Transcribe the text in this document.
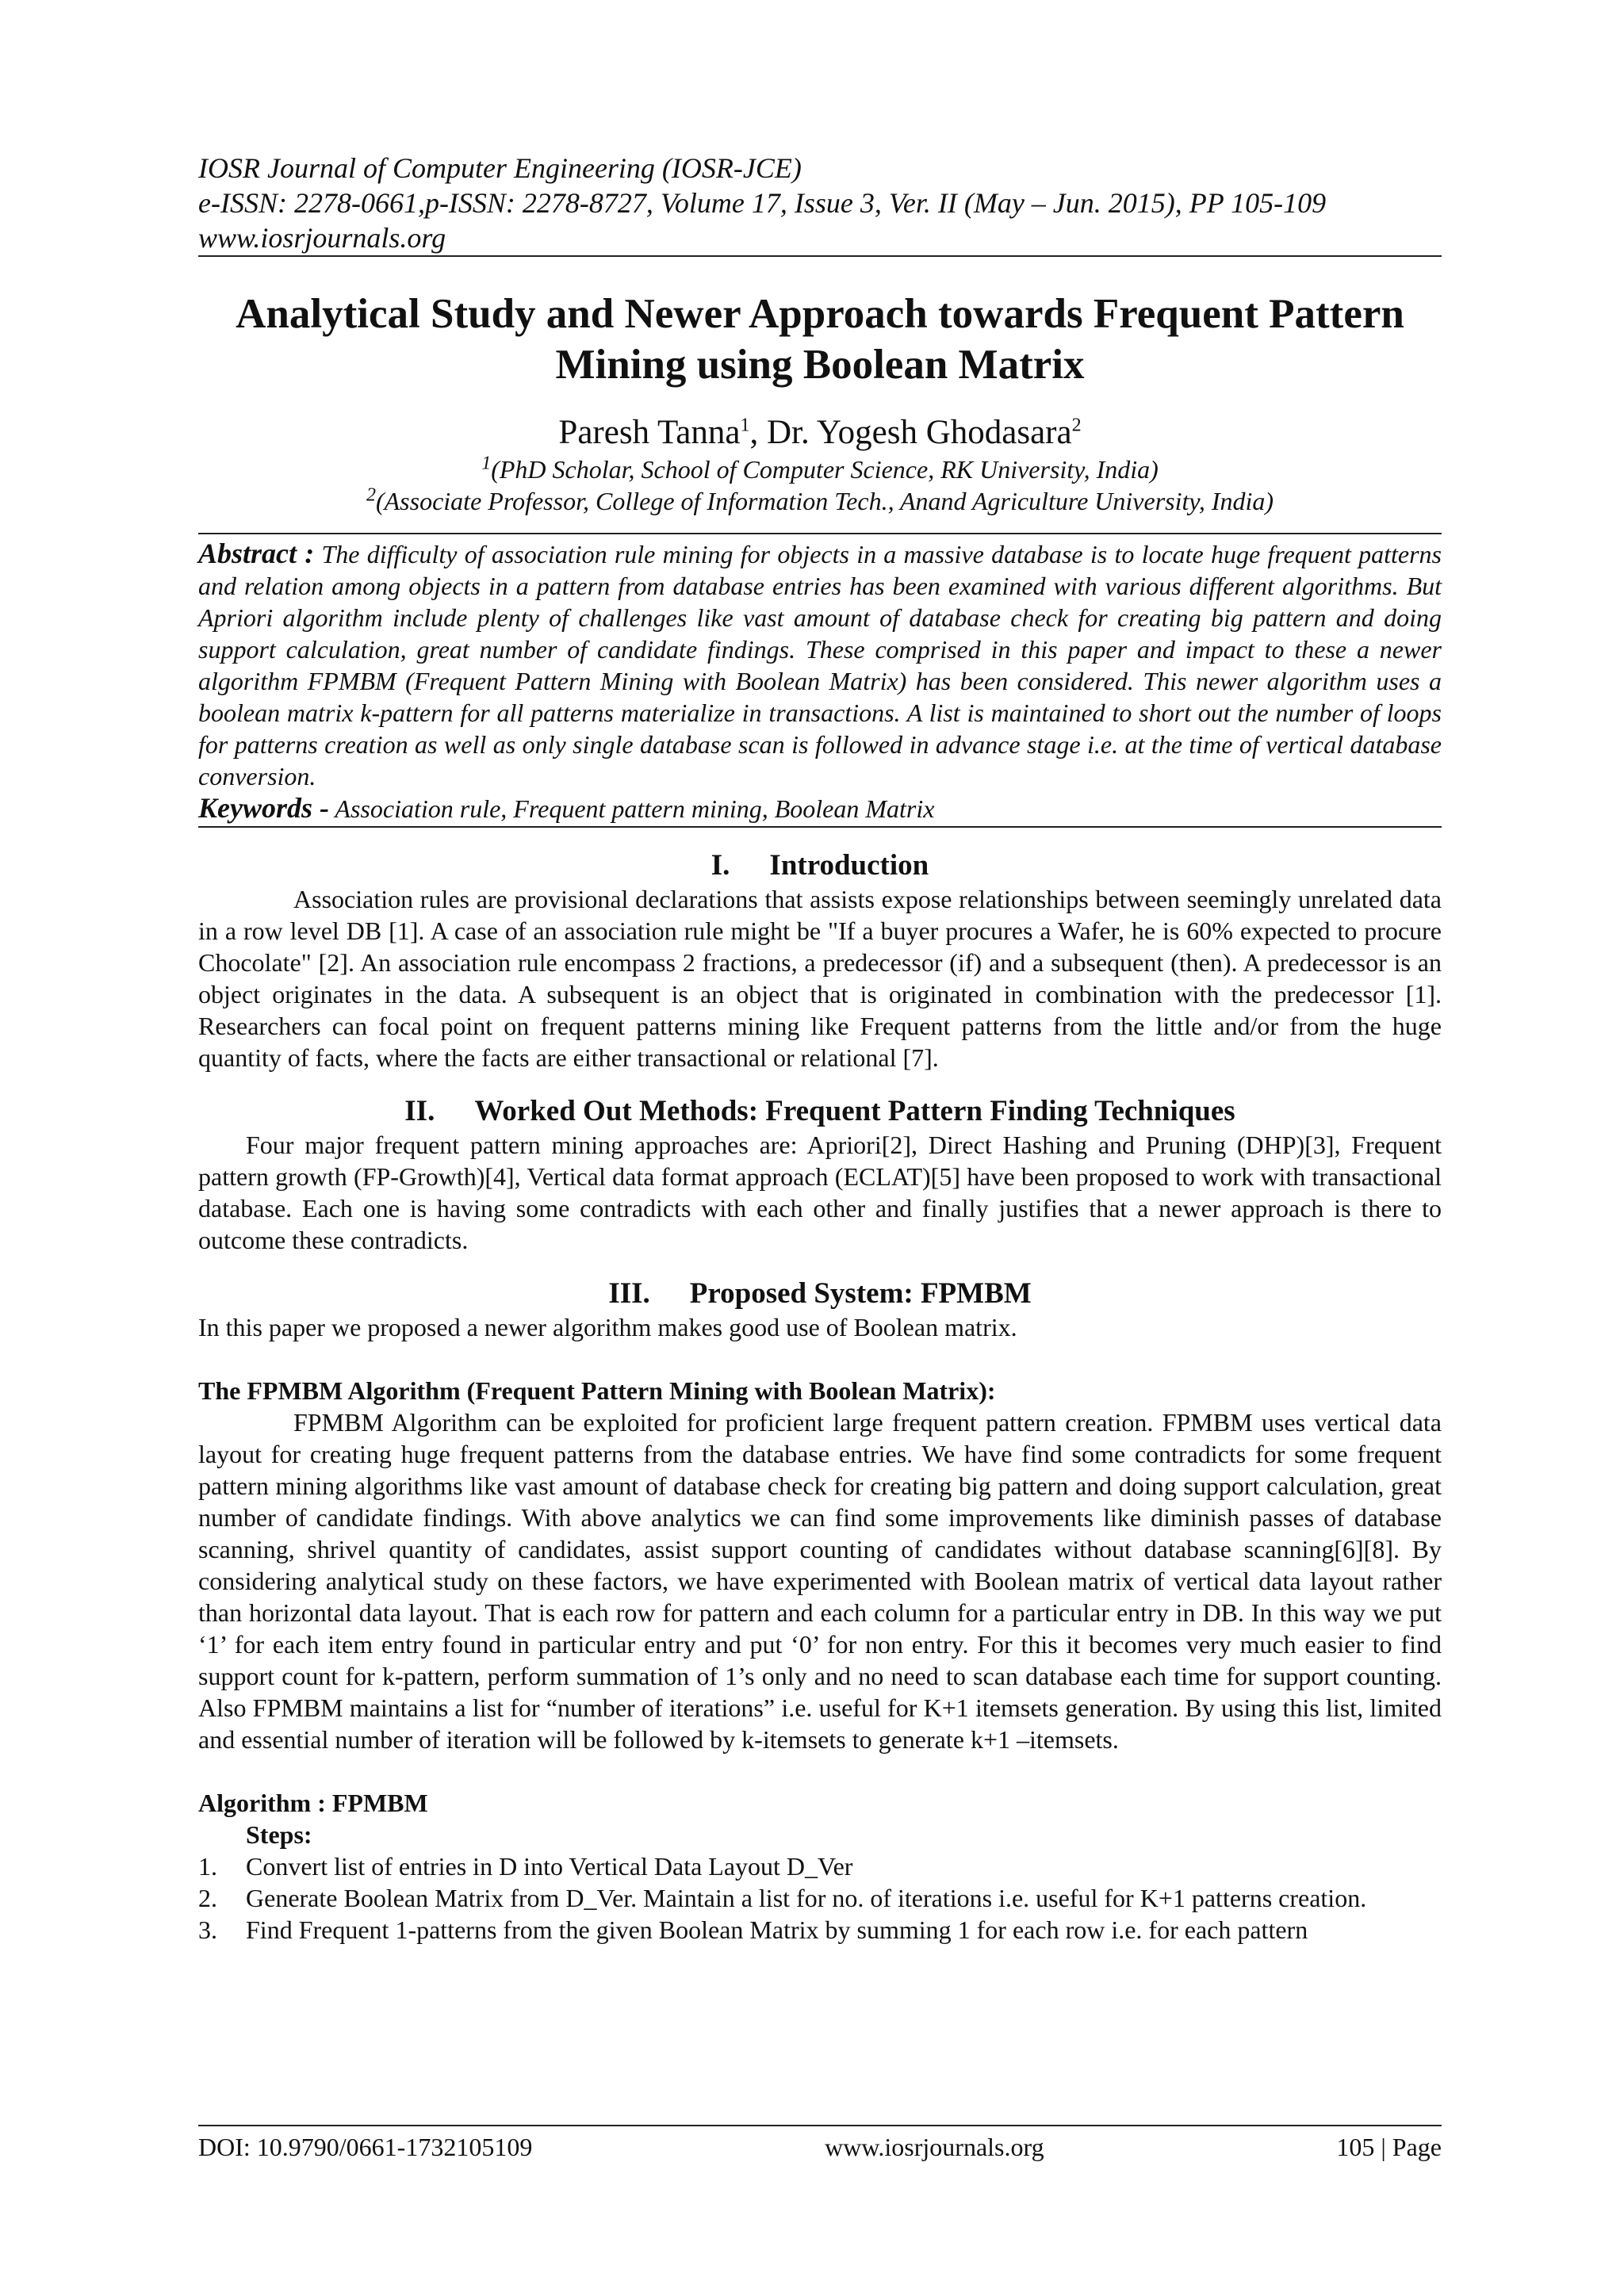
IOSR Journal of Computer Engineering (IOSR-JCE)
e-ISSN: 2278-0661,p-ISSN: 2278-8727, Volume 17, Issue 3, Ver. II (May – Jun. 2015), PP 105-109
www.iosrjournals.org
Analytical Study and Newer Approach towards Frequent Pattern
Mining using Boolean Matrix
Paresh Tanna$^1$, Dr. Yogesh Ghodasara$^2$
$^1$(PhD Scholar, School of Computer Science, RK University, India)
$^2$(Associate Professor, College of Information Tech., Anand Agriculture University, India)
Abstract : The difficulty of association rule mining for objects in a massive database is to locate huge frequent patterns and relation among objects in a pattern from database entries has been examined with various different algorithms. But Apriori algorithm include plenty of challenges like vast amount of database check for creating big pattern and doing support calculation, great number of candidate findings. These comprised in this paper and impact to these a newer algorithm FPMBM (Frequent Pattern Mining with Boolean Matrix) has been considered. This newer algorithm uses a boolean matrix k-pattern for all patterns materialize in transactions. A list is maintained to short out the number of loops for patterns creation as well as only single database scan is followed in advance stage i.e. at the time of vertical database conversion.
Keywords - Association rule, Frequent pattern mining, Boolean Matrix
I. Introduction

Association rules are provisional declarations that assists expose relationships between seemingly unrelated data in a row level DB [1]. A case of an association rule might be "If a buyer procures a Wafer, he is 60% expected to procure Chocolate" [2]. An association rule encompass 2 fractions, a predecessor (if) and a subsequent (then). A predecessor is an object originates in the data. A subsequent is an object that is originated in combination with the predecessor [1]. Researchers can focal point on frequent patterns mining like Frequent patterns from the little and/or from the huge quantity of facts, where the facts are either transactional or relational [7].

II. Worked Out Methods: Frequent Pattern Finding Techniques

Four major frequent pattern mining approaches are: Apriori[2], Direct Hashing and Pruning (DHP)[3], Frequent pattern growth (FP-Growth)[4], Vertical data format approach (ECLAT)[5] have been proposed to work with transactional database. Each one is having some contradicts with each other and finally justifies that a newer approach is there to outcome these contradicts.

III. Proposed System: FPMBM

In this paper we proposed a newer algorithm makes good use of Boolean matrix.

The FPMBM Algorithm (Frequent Pattern Mining with Boolean Matrix):

FPMBM Algorithm can be exploited for proficient large frequent pattern creation. FPMBM uses vertical data layout for creating huge frequent patterns from the database entries. We have find some contradicts for some frequent pattern mining algorithms like vast amount of database check for creating big pattern and doing support calculation, great number of candidate findings. With above analytics we can find some improvements like diminish passes of database scanning, shrivel quantity of candidates, assist support counting of candidates without database scanning[6][8]. By considering analytical study on these factors, we have experimented with Boolean matrix of vertical data layout rather than horizontal data layout. That is each row for pattern and each column for a particular entry in DB. In this way we put ‘1’ for each item entry found in particular entry and put ‘0’ for non entry. For this it becomes very much easier to find support count for k-pattern, perform summation of 1’s only and no need to scan database each time for support counting. Also FPMBM maintains a list for “number of iterations” i.e. useful for K+1 itemsets generation. By using this list, limited and essential number of iteration will be followed by k-itemsets to generate k+1 –itemsets.

Algorithm : FPMBM
Steps:
1. Convert list of entries in D into Vertical Data Layout D_Ver
2. Generate Boolean Matrix from D_Ver. Maintain a list for no. of iterations i.e. useful for K+1 patterns creation.
3. Find Frequent 1-patterns from the given Boolean Matrix by summing 1 for each row i.e. for each pattern
DOI: 10.9790/0661-1732105109	www.iosrjournals.org	105 | Page
